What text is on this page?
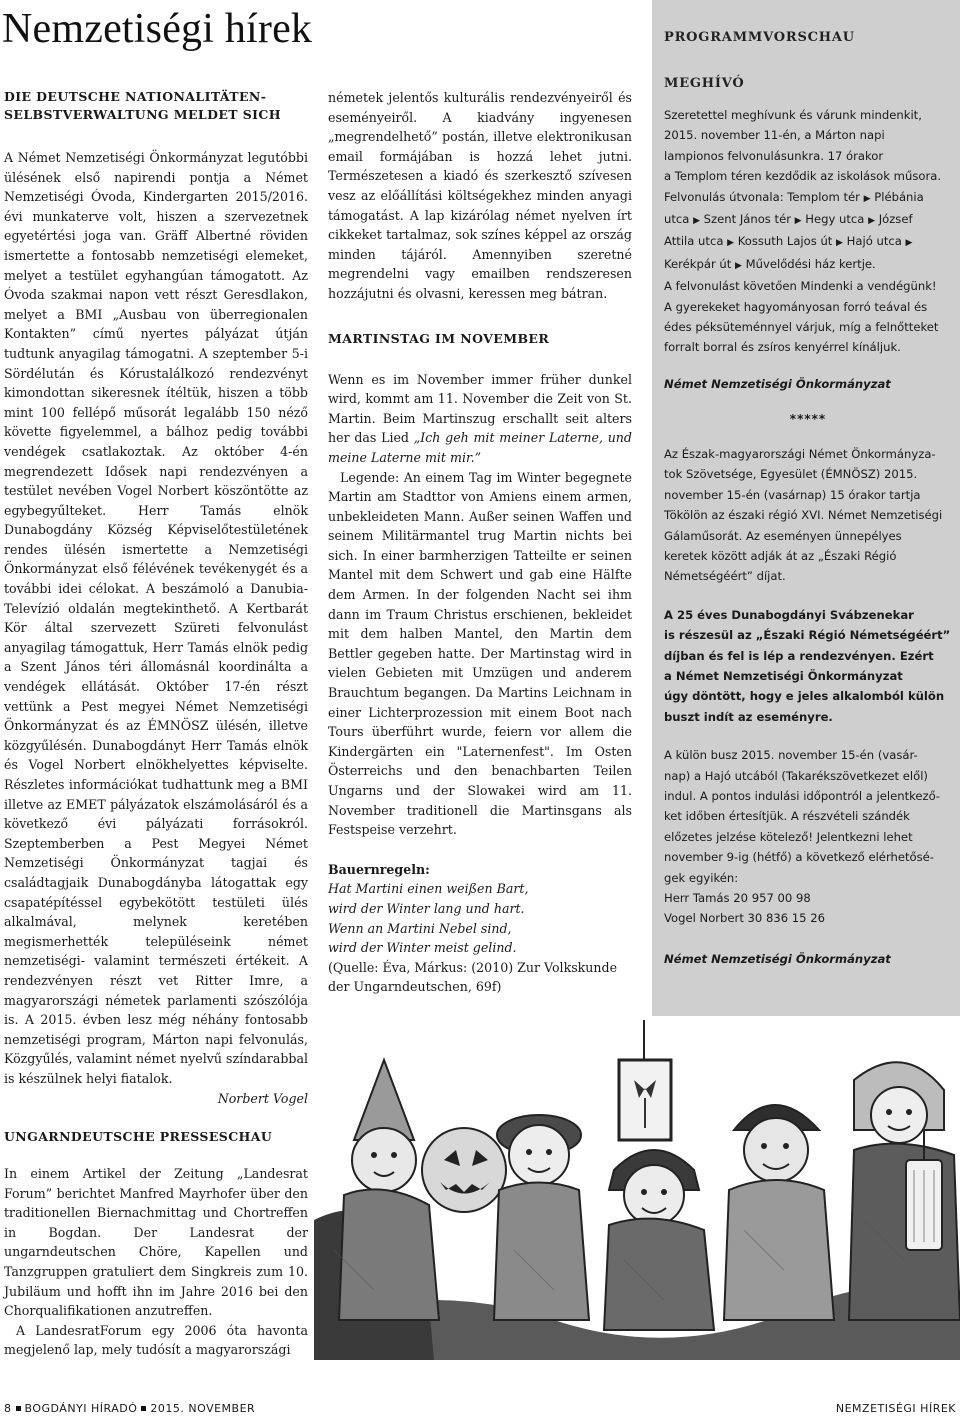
Nemzetiségi hírek
DIE DEUTSCHE NATIONALITÄTEN-
SELBSTVERWALTUNG MELDET SICH

A Német Nemzetiségi Önkormányzat legutóbbi ülésének első napirendi pontja a Német Nemzetiségi Óvoda, Kindergarten 2015/2016. évi munkaterve volt, hiszen a szervezetnek egyetértési joga van. Gräff Albertné röviden ismertette a fontosabb nemzetiségi elemeket, melyet a testület egyhangúan támogatott. Az Óvoda szakmai napon vett részt Geresdlakon, melyet a BMI „Ausbau von überregionalen Kontakten” című nyertes pályázat útján tudtunk anyagilag támogatni. A szeptember 5-i Sördélután és Kórustalálkozó rendezvényt kimondottan sikeresnek ítéltük, hiszen a több mint 100 fellépő műsorát legalább 150 néző követte figyelemmel, a bálhoz pedig további vendégek csatlakoztak. Az október 4-én megrendezett Idősek napi rendezvényen a testület nevében Vogel Norbert köszöntötte az egybegyűlteket. Herr Tamás elnök Dunabogdány Község Képviselőtestületének rendes ülésén ismertette a Nemzetiségi Önkormányzat első félévének tevékenygét és a további idei célokat. A beszámoló a Danubia-Televízió oldalán megtekinthető. A Kertbarát Kör által szervezett Szüreti felvonulást anyagilag támogattuk, Herr Tamás elnök pedig a Szent János téri állomásnál koordinálta a vendégek ellátását. Október 17-én részt vettünk a Pest megyei Német Nemzetiségi Önkormányzat és az ÉMNÖSZ ülésén, illetve közgyűlésén. Dunabogdányt Herr Tamás elnök és Vogel Norbert elnökhelyettes képviselte. Részletes információkat tudhattunk meg a BMI illetve az EMET pályázatok elszámolásáról és a következő évi pályázati forrásokról. Szeptemberben a Pest Megyei Német Nemzetiségi Önkormányzat tagjai és családtagjaik Dunabogdányba látogattak egy csapatépítéssel egybekötött testületi ülés alkalmával, melynek keretében megismerhették településeink német nemzetiségi- valamint természeti értékeit. A rendezvényen részt vet Ritter Imre, a magyarországi németek parlamenti szószólója is. A 2015. évben lesz még néhány fontosabb nemzetiségi program, Márton napi felvonulás, Közgyűlés, valamint német nyelvű színdarabbal is készülnek helyi fiatalok.

Norbert Vogel
UNGARNDEUTSCHE PRESSESCHAU

In einem Artikel der Zeitung „Landesrat Forum” berichtet Manfred Mayrhofer über den traditionellen Biernachmittag und Chortreffen in Bogdan. Der Landesrat der ungarndeutschen Chöre, Kapellen und Tanzgruppen gratuliert dem Singkreis zum 10. Jubiläum und hofft ihn im Jahre 2016 bei den Chorqualifikationen anzutreffen.

A LandesratForum egy 2006 óta havonta megjelenő lap, mely tudósít a magyarországi

németek jelentős kulturális rendezvényeiről és eseményeiről. A kiadvány ingyenesen „megrendelhető” postán, illetve elektronikusan email formájában is hozzá lehet jutni. Természetesen a kiadó és szerkesztő szívesen vesz az előállítási költségekhez minden anyagi támogatást. A lap kizárólag német nyelven írt cikkeket tartalmaz, sok színes képpel az ország minden tájáról. Amennyiben szeretné megrendelni vagy emailben rendszeresen hozzájutni és olvasni, keressen meg bátran.

MARTINSTAG IM NOVEMBER

Wenn es im November immer früher dunkel wird, kommt am 11. November die Zeit von St. Martin. Beim Martinszug erschallt seit alters her das Lied „Ich geh mit meiner Laterne, und meine Laterne mit mir.”

Legende: An einem Tag im Winter begegnete Martin am Stadttor von Amiens einem armen, unbekleideten Mann. Außer seinen Waffen und seinem Militärmantel trug Martin nichts bei sich. In einer barmherzigen Tatteilte er seinen Mantel mit dem Schwert und gab eine Hälfte dem Armen. In der folgenden Nacht sei ihm dann im Traum Christus erschienen, bekleidet mit dem halben Mantel, den Martin dem Bettler gegeben hatte. Der Martinstag wird in vielen Gebieten mit Umzügen und anderem Brauchtum begangen. Da Martins Leichnam in einer Lichterprozession mit einem Boot nach Tours überführt wurde, feiern vor allem die Kindergärten ein "Laternenfest". Im Osten Österreichs und den benachbarten Teilen Ungarns und der Slowakei wird am 11. November traditionell die Martinsgans als Festspeise verzehrt.

Bauernregeln:

Hat Martini einen weißen Bart,
wird der Winter lang und hart.
Wenn an Martini Nebel sind,
wird der Winter meist gelind.

(Quelle: Éva, Márkus: (2010) Zur Volkskunde der Ungarndeutschen, 69f)

PROGRAMMVORSCHAU
MEGHÍVÓ
Szeretettel meghívunk és várunk mindenkit,
2015. november 11-én, a Márton napi
lampionos felvonulásunkra. 17 órakor
a Templom téren kezdődik az iskolások műsora.
Felvonulás útvonala: Templom tér ▶ Plébánia
utca ▶ Szent János tér ▶ Hegy utca ▶ József
Attila utca ▶ Kossuth Lajos út ▶ Hajó utca ▶
Kerékpár út ▶ Művelődési ház kertje.
A felvonulást követően Mindenki a vendégünk!
A gyerekeket hagyományosan forró teával és
édes péksüteménnyel várjuk, míg a felnőtteket
forralt borral és zsíros kenyérrel kínáljuk.

Német Nemzetiségi Önkormányzat

*****

Az Észak-magyarországi Német Önkormányza-
tok Szövetsége, Egyesület (ÉMNÖSZ) 2015.
november 15-én (vasárnap) 15 órakor tartja
Tökölön az északi régió XVI. Német Nemzetiségi
Gálaműsorát. Az eseményen ünnepélyes
keretek között adják át az „Északi Régió
Németségéért” díjat.
A 25 éves Dunabogdányi Svábzenekar
is részesül az „Északi Régió Németségéért”
díjban és fel is lép a rendezvényen. Ezért
a Német Nemzetiségi Önkormányzat
úgy döntött, hogy e jeles alkalomból külön
buszt indít az eseményre.
A külön busz 2015. november 15-én (vasár-
nap) a Hajó utcából (Takarékszövetkezet elől)
indul. A pontos indulási időpontról a jelentkező-
ket időben értesítjük. A részvételi szándék
előzetes jelzése kötelező! Jelentkezni lehet
november 9-ig (hétfő) a következő elérhetősé-
gek egyikén:
Herr Tamás 20 957 00 98
Vogel Norbert 30 836 15 26

Német Nemzetiségi Önkormányzat

8 BOGDÁNYI HÍRADÓ 2015. NOVEMBER	NEMZETISÉGI HÍREK
